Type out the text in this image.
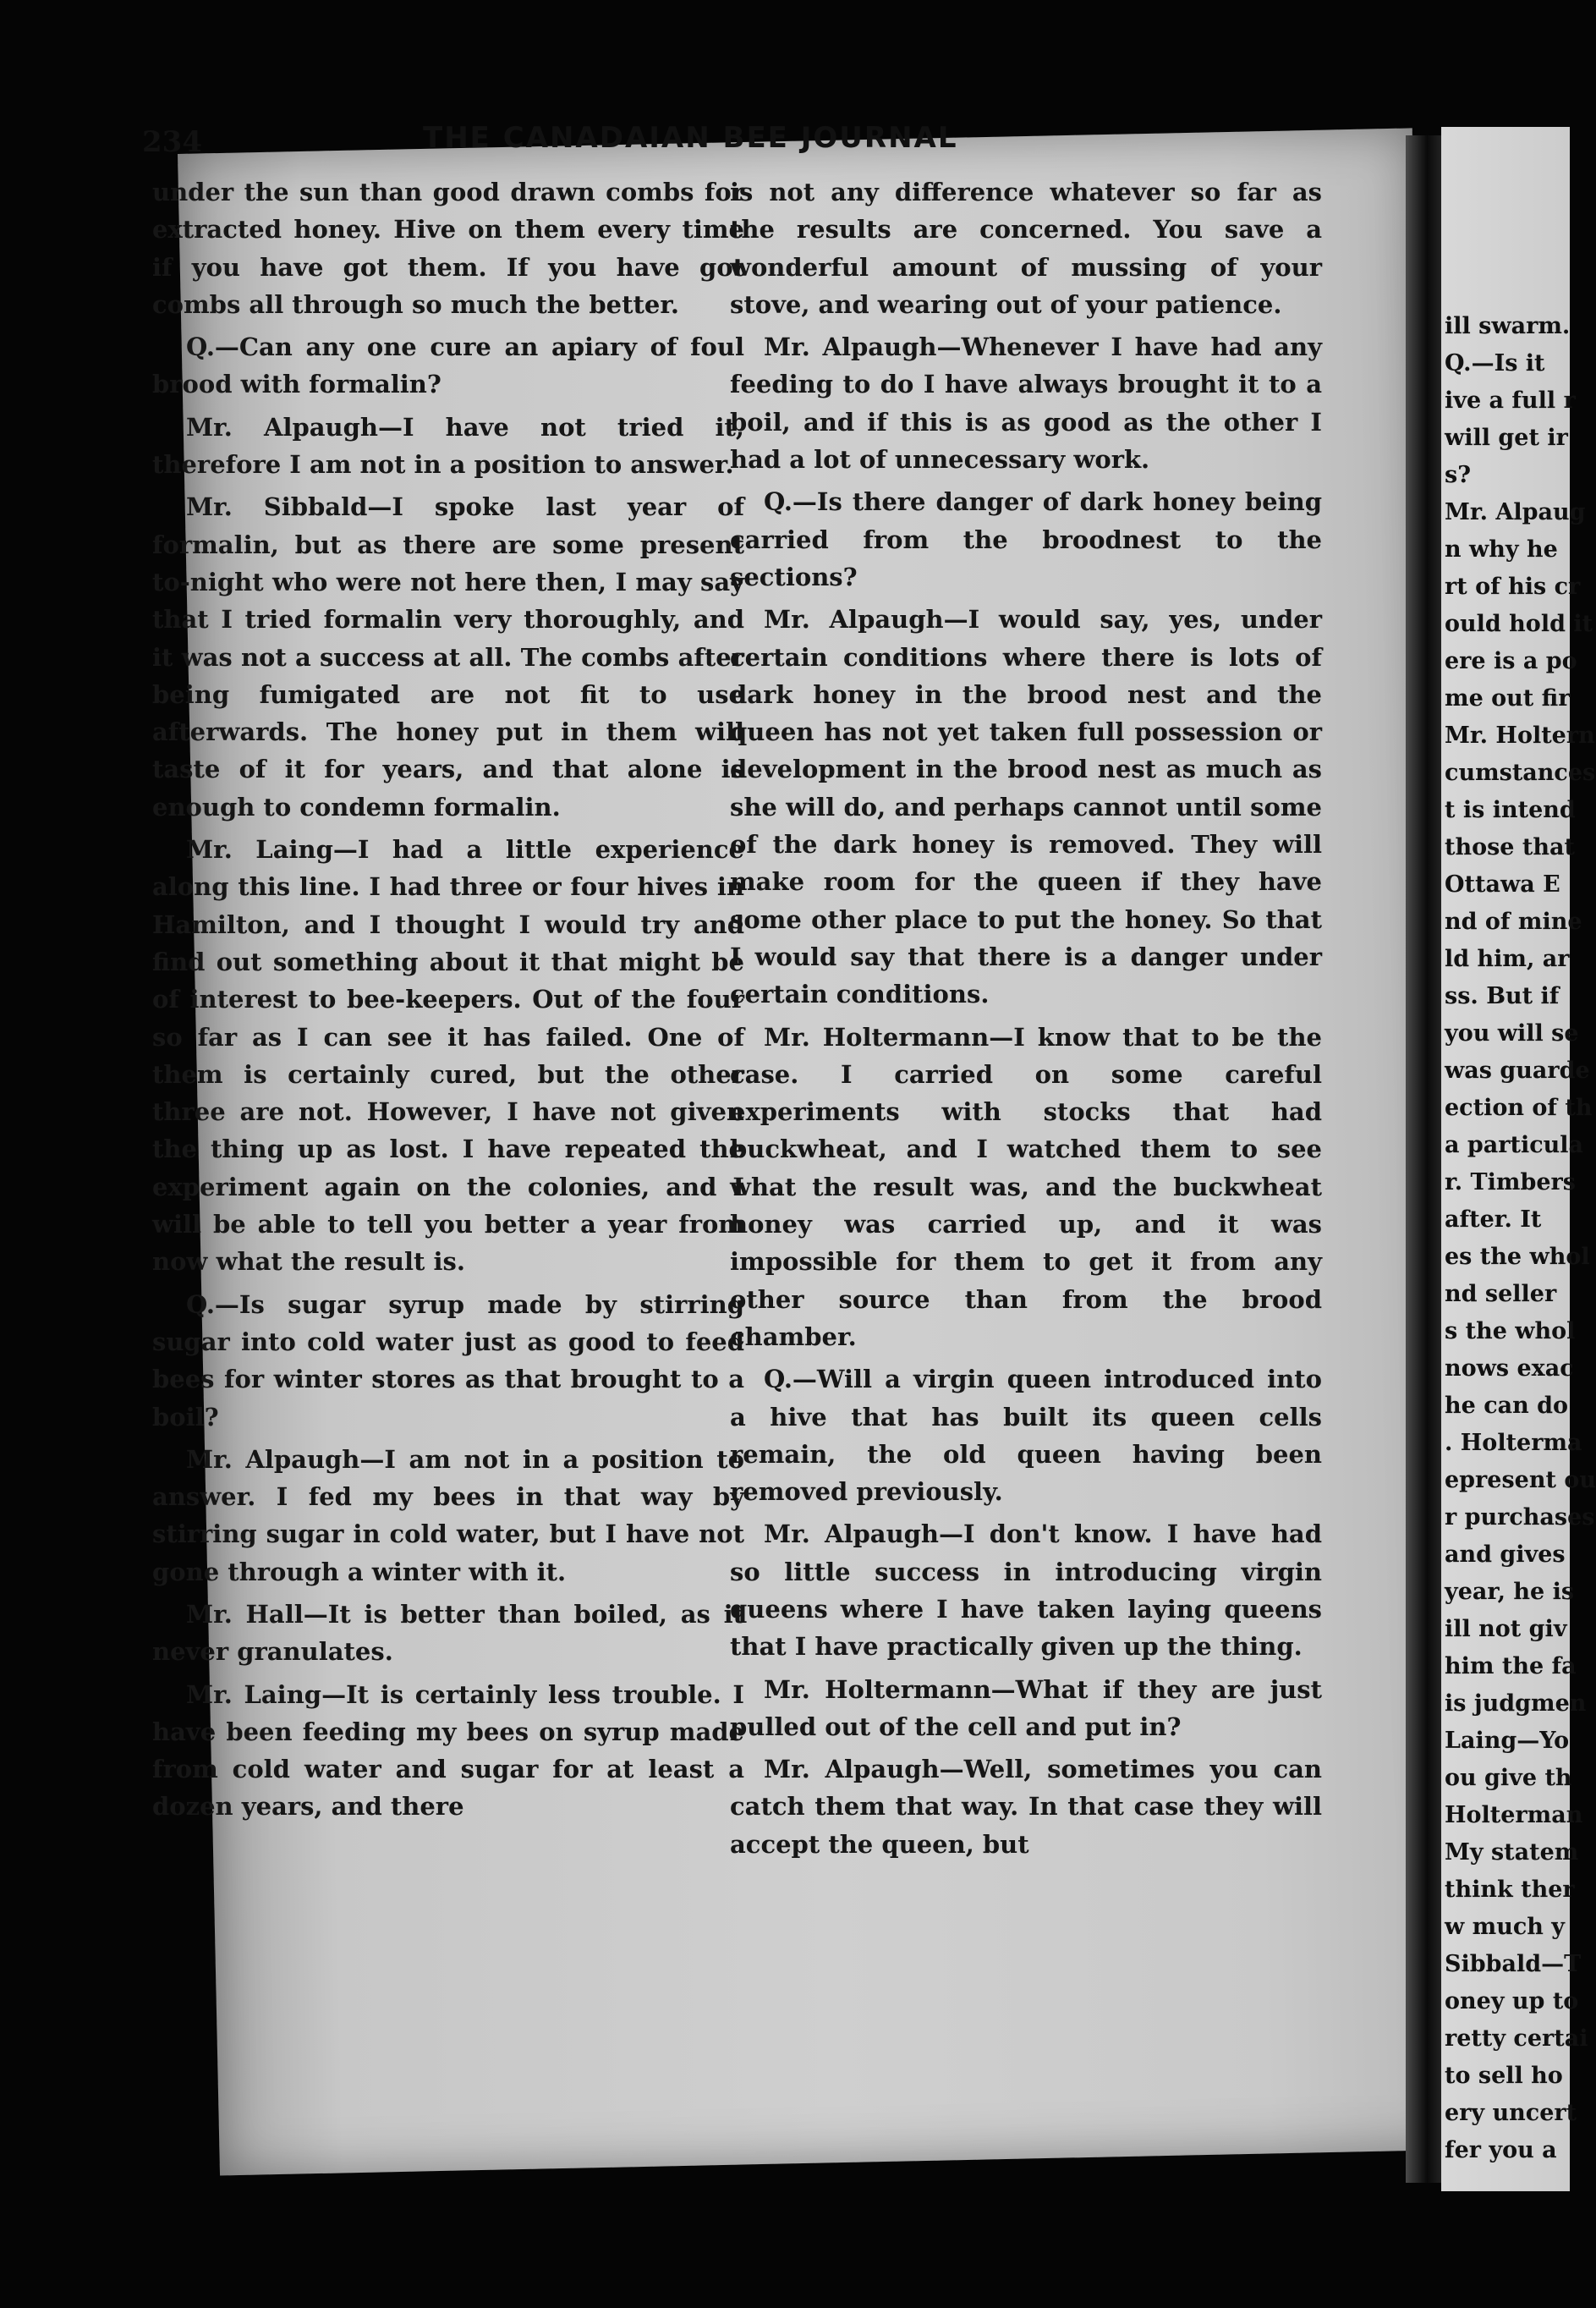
ill swarm.
Q.—Is it
ive a full r
will get ir
s?
Mr. Alpaug
n why he
rt of his cr
ould hold it
ere is a po
me out fir
Mr. Holtern
cumstances
t is intend
those that
Ottawa E
nd of mine
ld him, ar
ss. But if
you will se
was guarde
ection of th
a particula
r. Timbers
after. It
es the whol
nd seller
s the whol
nows exac
he can do
. Holterma
epresent ou
r purchases
and gives
year, he is
ill not giv
him the fa
is judgmen
Laing—Yo
ou give th
Holterman
My statem
think ther
w much y
Sibbald—T
oney up to
retty certai
to sell ho
ery uncert
fer you a
234	THE CANADAIAN BEE JOURNAL

under the sun than good drawn combs for extracted honey. Hive on them every time if you have got them. If you have got combs all through so much the better.

Q.—Can any one cure an apiary of foul brood with formalin?

Mr. Alpaugh—I have not tried it, therefore I am not in a position to answer.

Mr. Sibbald—I spoke last year of formalin, but as there are some present to-night who were not here then, I may say that I tried formalin very thoroughly, and it was not a success at all. The combs after being fumigated are not fit to use afterwards. The honey put in them will taste of it for years, and that alone is enough to condemn formalin.

Mr. Laing—I had a little experience along this line. I had three or four hives in Hamilton, and I thought I would try and find out something about it that might be of interest to bee-keepers. Out of the four so far as I can see it has failed. One of them is certainly cured, but the other three are not. However, I have not given the thing up as lost. I have repeated the experiment again on the colonies, and I will be able to tell you better a year from now what the result is.

Q.—Is sugar syrup made by stirring sugar into cold water just as good to feed bees for winter stores as that brought to a boil?

Mr. Alpaugh—I am not in a position to answer. I fed my bees in that way by stirring sugar in cold water, but I have not gone through a winter with it.

Mr. Hall—It is better than boiled, as it never granulates.

Mr. Laing—It is certainly less trouble. I have been feeding my bees on syrup made from cold water and sugar for at least a dozen years, and there

is not any difference whatever so far as the results are concerned. You save a wonderful amount of mussing of your stove, and wearing out of your patience.

Mr. Alpaugh—Whenever I have had any feeding to do I have always brought it to a boil, and if this is as good as the other I had a lot of unnecessary work.

Q.—Is there danger of dark honey being carried from the broodnest to the sections?

Mr. Alpaugh—I would say, yes, under certain conditions where there is lots of dark honey in the brood nest and the queen has not yet taken full possession or development in the brood nest as much as she will do, and perhaps cannot until some of the dark honey is removed. They will make room for the queen if they have some other place to put the honey. So that I would say that there is a danger under certain conditions.

Mr. Holtermann—I know that to be the case. I carried on some careful experiments with stocks that had buckwheat, and I watched them to see what the result was, and the buckwheat honey was carried up, and it was impossible for them to get it from any other source than from the brood chamber.

Q.—Will a virgin queen introduced into a hive that has built its queen cells remain, the old queen having been removed previously.

Mr. Alpaugh—I don't know. I have had so little success in introducing virgin queens where I have taken laying queens that I have practically given up the thing.

Mr. Holtermann—What if they are just pulled out of the cell and put in?

Mr. Alpaugh—Well, sometimes you can catch them that way. In that case they will accept the queen, but
